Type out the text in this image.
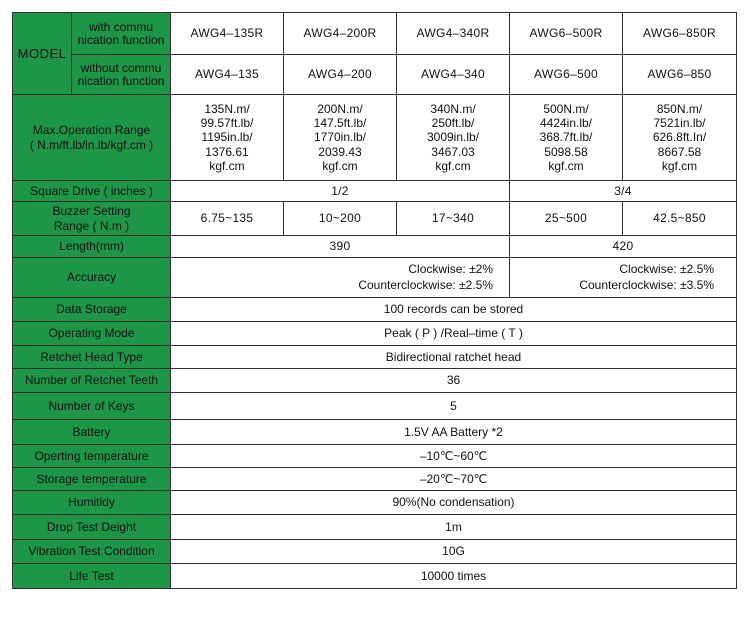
MODEL	with commu
nication function	AWG4–135R	AWG4–200R	AWG4–340R	AWG6–500R	AWG6–850R

	without commu
nication function	AWG4–135	AWG4–200	AWG4–340	AWG6–500	AWG6–850

Max.Operation Range
( N.m/ft.lb/in.lb/kgf.cm )		135N.m/
99.57ft.lb/
1195in.lb/
1376.61
kgf.cm	200N.m/
147.5ft.lb/
1770in.lb/
2039.43
kgf.cm	340N.m/
250ft.lb/
3009in.lb/
3467.03
kgf.cm	500N.m/
4424in.lb/
368.7ft.lb/
5098.58
kgf.cm	850N.m/
7521in.lb/
626.8ft.In/
8667.58
kgf.cm

Square Drive ( inches )		1/2			3/4	

Buzzer Setting
Range ( N.m )		6.75~135	10~200	17~340	25~500	42.5~850
Length(mm)		390			420	
Accuracy		Clockwise: ±2%
Counterclockwise: ±2.5%			Clockwise: ±2.5%
Counterclockwise: ±3.5%	

Data Storage		100 records can be stored				
Operating Mode		Peak ( P ) /Real–time ( T )				
Retchet Head Type		Bidirectional ratchet head				
Number of Retchet Teeth		36				
Number of Keys		5				
Battery		1.5V AA Battery *2				
Operting temperature		–10℃~60℃				
Storage temperature		–20℃~70℃				
Humitidy		90%(No condensation)				
Drop Test Deight		1m				
Vibration Test Condition		10G				
Life Test		10000 times				
